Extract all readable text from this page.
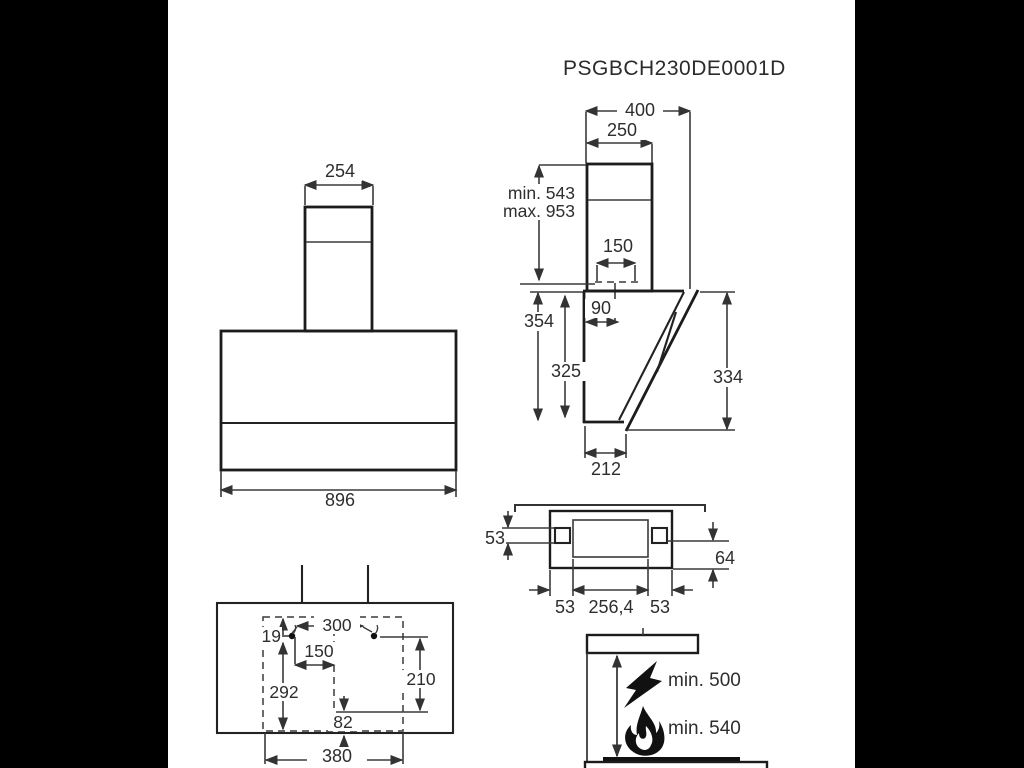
PSGBCH230DE0001D
254
896
400
250
min. 543
max. 953
150
90
354
325	334
212
53
64
53 256,4 53
19
300
150
292
210
82
380
min. 500
min. 540
